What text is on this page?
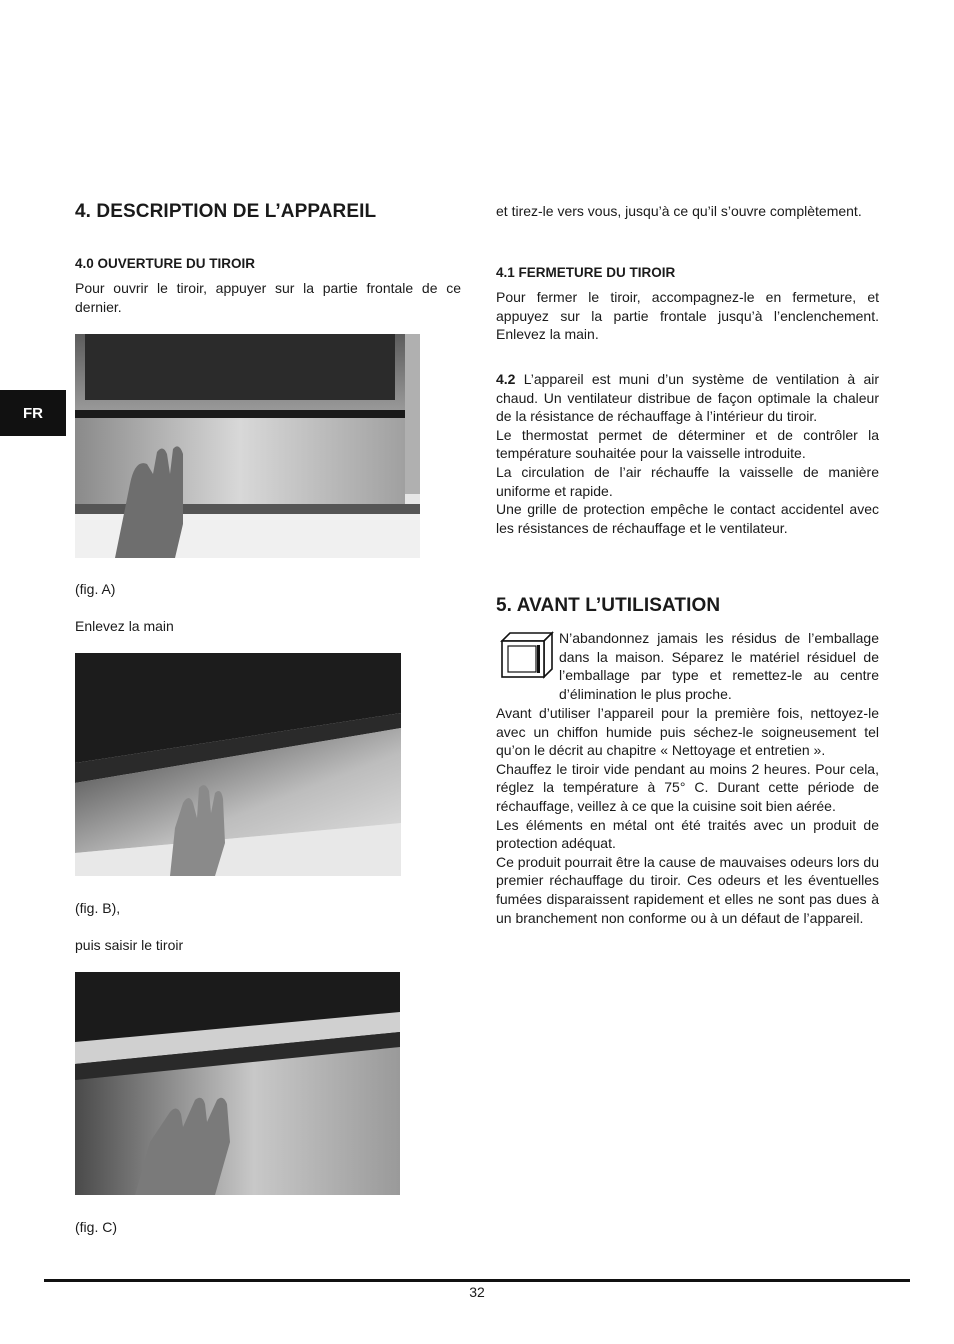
FR
4. DESCRIPTION DE L’APPAREIL
4.0 OUVERTURE DU TIROIR

Pour ouvrir le tiroir, appuyer sur la partie frontale de ce dernier.

(fig. A)
Enlevez la main
(fig. B),
puis saisir le tiroir
(fig. C)

et tirez-le vers vous, jusqu’à ce qu’il s’ouvre complètement.

4.1 FERMETURE DU TIROIR

Pour fermer le tiroir, accompagnez-le en fermeture, et appuyez sur la partie frontale jusqu’à l’enclenchement. Enlevez la main.

4.2 L’appareil est muni d’un système de ventilation à air chaud. Un ventilateur distribue de façon optimale la chaleur de la résistance de réchauffage à l’intérieur du tiroir.
Le thermostat permet de déterminer et de contrôler la température souhaitée pour la vaisselle introduite.
La circulation de l’air réchauffe la vaisselle de manière uniforme et rapide.
Une grille de protection empêche le contact accidentel avec les résistances de réchauffage et le ventilateur.

5. AVANT L’UTILISATION

N’abandonnez jamais les résidus de l’emballage dans la maison. Séparez le matériel résiduel de l’emballage par type et remettez-le au centre d’élimination le plus proche.

Avant d’utiliser l’appareil pour la première fois, nettoyez-le avec un chiffon humide puis séchez-le soigneusement tel qu’on le décrit au chapitre « Nettoyage et entretien ».
Chauffez le tiroir vide pendant au moins 2 heures. Pour cela, réglez la température à 75° C. Durant cette période de réchauffage, veillez à ce que la cuisine soit bien aérée.
Les éléments en métal ont été traités avec un produit de protection adéquat.
Ce produit pourrait être la cause de mauvaises odeurs lors du premier réchauffage du tiroir. Ces odeurs et les éventuelles fumées disparaissent rapidement et elles ne sont pas dues à un branchement non conforme ou à un défaut de l’appareil.

32
